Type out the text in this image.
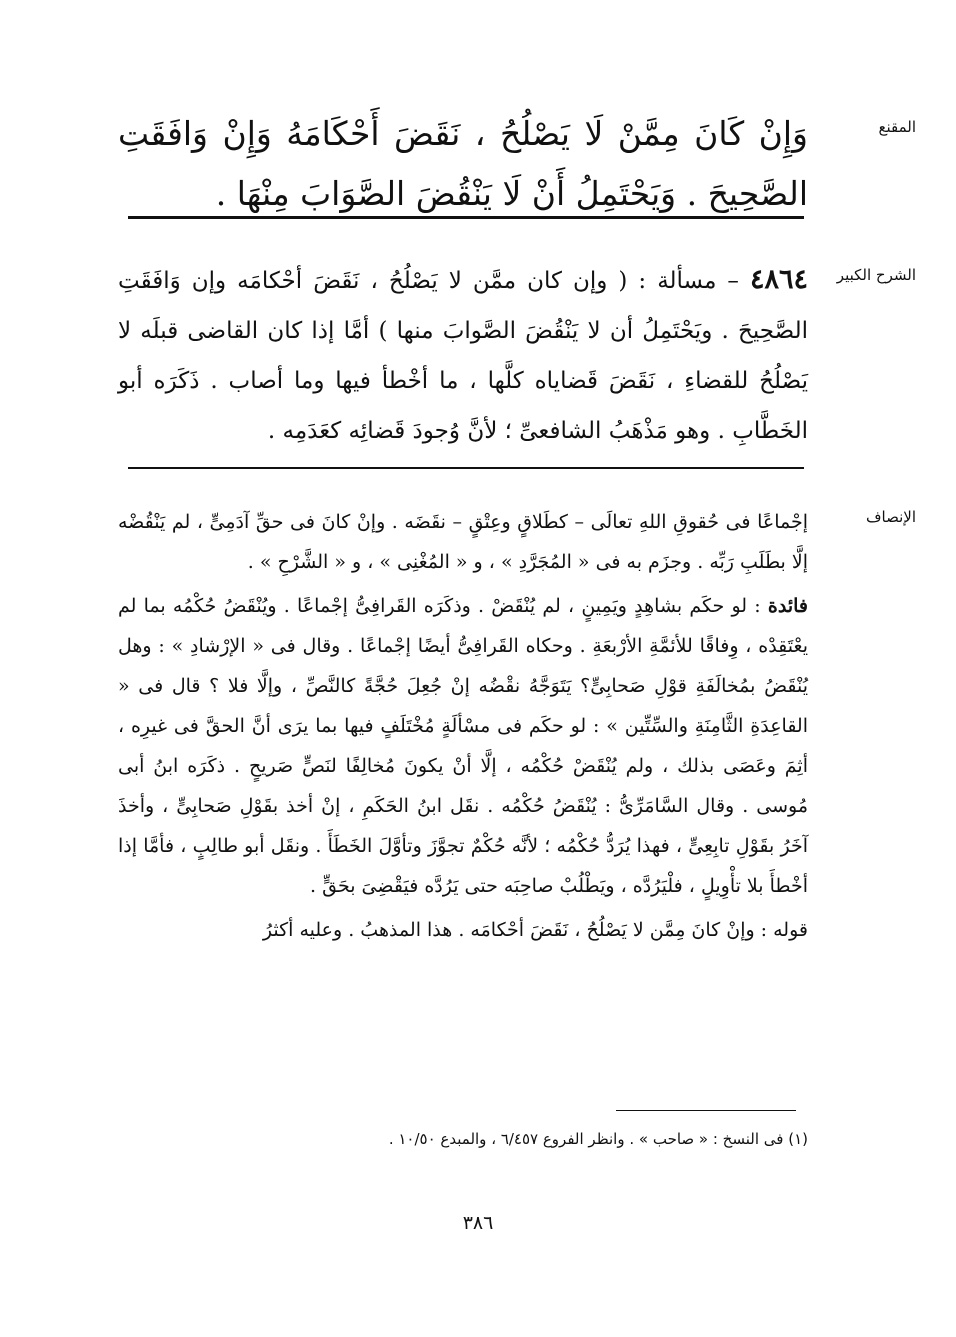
المقنع

وَإِنْ كَانَ مِمَّنْ لَا يَصْلُحُ ، نَقَضَ أَحْكَامَهُ وَإِنْ وَافَقَتِ الصَّحِيحَ . وَيَحْتَمِلُ أَنْ لَا يَنْقُضَ الصَّوَابَ مِنْهَا .

الشرح الكبير

٤٨٦٤ – مسألة : ( وإن كان ممَّن لا يَصْلُحُ ، نَقَضَ أحْكامَه وإن وَافَقَتِ الصَّحِيحَ . ويَحْتَمِلُ أن لا يَنْقُضَ الصَّوابَ منها ) أمَّا إذا كان القاضى قبلَه لا يَصْلُحُ للقضاءِ ، نَقَضَ قَضاياه كلَّها ، ما أخْطأ فيها وما أصاب . ذَكَرَه أبو الخَطَّابِ . وهو مَذْهَبُ الشافعىِّ ؛ لأنَّ وُجودَ قَضائِه كعَدَمِه .

الإنصاف

إجْماعًا فى حُقوقِ اللهِ تعالَى – كطَلاقٍ وعِتْقٍ – نقَضَه . وإنْ كانَ فى حقِّ آدَمِىٍّ ، لم يَنْقُضْه إلَّا بطَلَبِ رَبِّه . وجزَم به فى « المُجَرَّدِ » ، و « المُغْنِى » ، و « الشَّرْحِ » .

فائدة : لو حكَم بشاهِدٍ ويَمِينٍ ، لم يُنْقَضْ . وذكَرَه القَرافِىُّ إجْماعًا . ويُنْقَضُ حُكْمُه بما لم يعْتَقِدْه ، وِفاقًا للأئمَّةِ الأرْبعَةِ . وحكاه القَرافِىُّ أيضًا إجْماعًا . وقال فى « الإرْشادِ » : وهل يُنْقَضُ بمُخالَفَةِ قوْلِ صَحابِىٍّ؟ يَتَوَجَّهُ نقْضُه إنْ جُعِلَ حُجَّةً كالنَّصِّ ، وإلَّا فلا ؟ قال فى « القاعِدَةِ الثَّامِنَةِ والسِّتِّين » : لو حكَم فى مسْألَةٍ مُخْتَلَفٍ فيها بما يرَى أنَّ الحقَّ فى غيرِه ، أثِمَ وعَصَى بذلك ، ولم يُنْقَضْ حُكْمُه ، إلَّا أنْ يكونَ مُخالِفًا لنَصٍّ صَريحٍ . ذكَرَه ابنُ أبى مُوسى . وقال السَّامَرِّىُّ : يُنْقَضُ حُكْمُه . نقَل ابنُ الحَكَمِ ، إنْ أخذ بقَوْلِ صَحابِىٍّ ، وأخذَ آخَرُ بقَوْلِ تابِعِىٍّ ، فهذا يُرَدُّ حُكْمُه ؛ لأنَّه حُكْمٌ تجوَّزَ وتأوَّلَ الخَطَأَ . ونقَل أبو طالِبٍ ، فأمَّا إذا أخْطأَ بلا تأْوِيلٍ ، فلْيَرُدَّه ، ويَطْلُبْ صاحِبَه حتى يَرُدَّه فيَقْضِىَ بحَقٍّ .

قوله : وإنْ كانَ مِمَّن لا يَصْلُحُ ، نَقَضَ أحْكامَه . هذا المذهبُ . وعليه أكثرُ

(١) فى النسخ : « صاحب » . وانظر الفروع ٦/٤٥٧ ، والمبدع ١٠/٥٠ .
٣٨٦
